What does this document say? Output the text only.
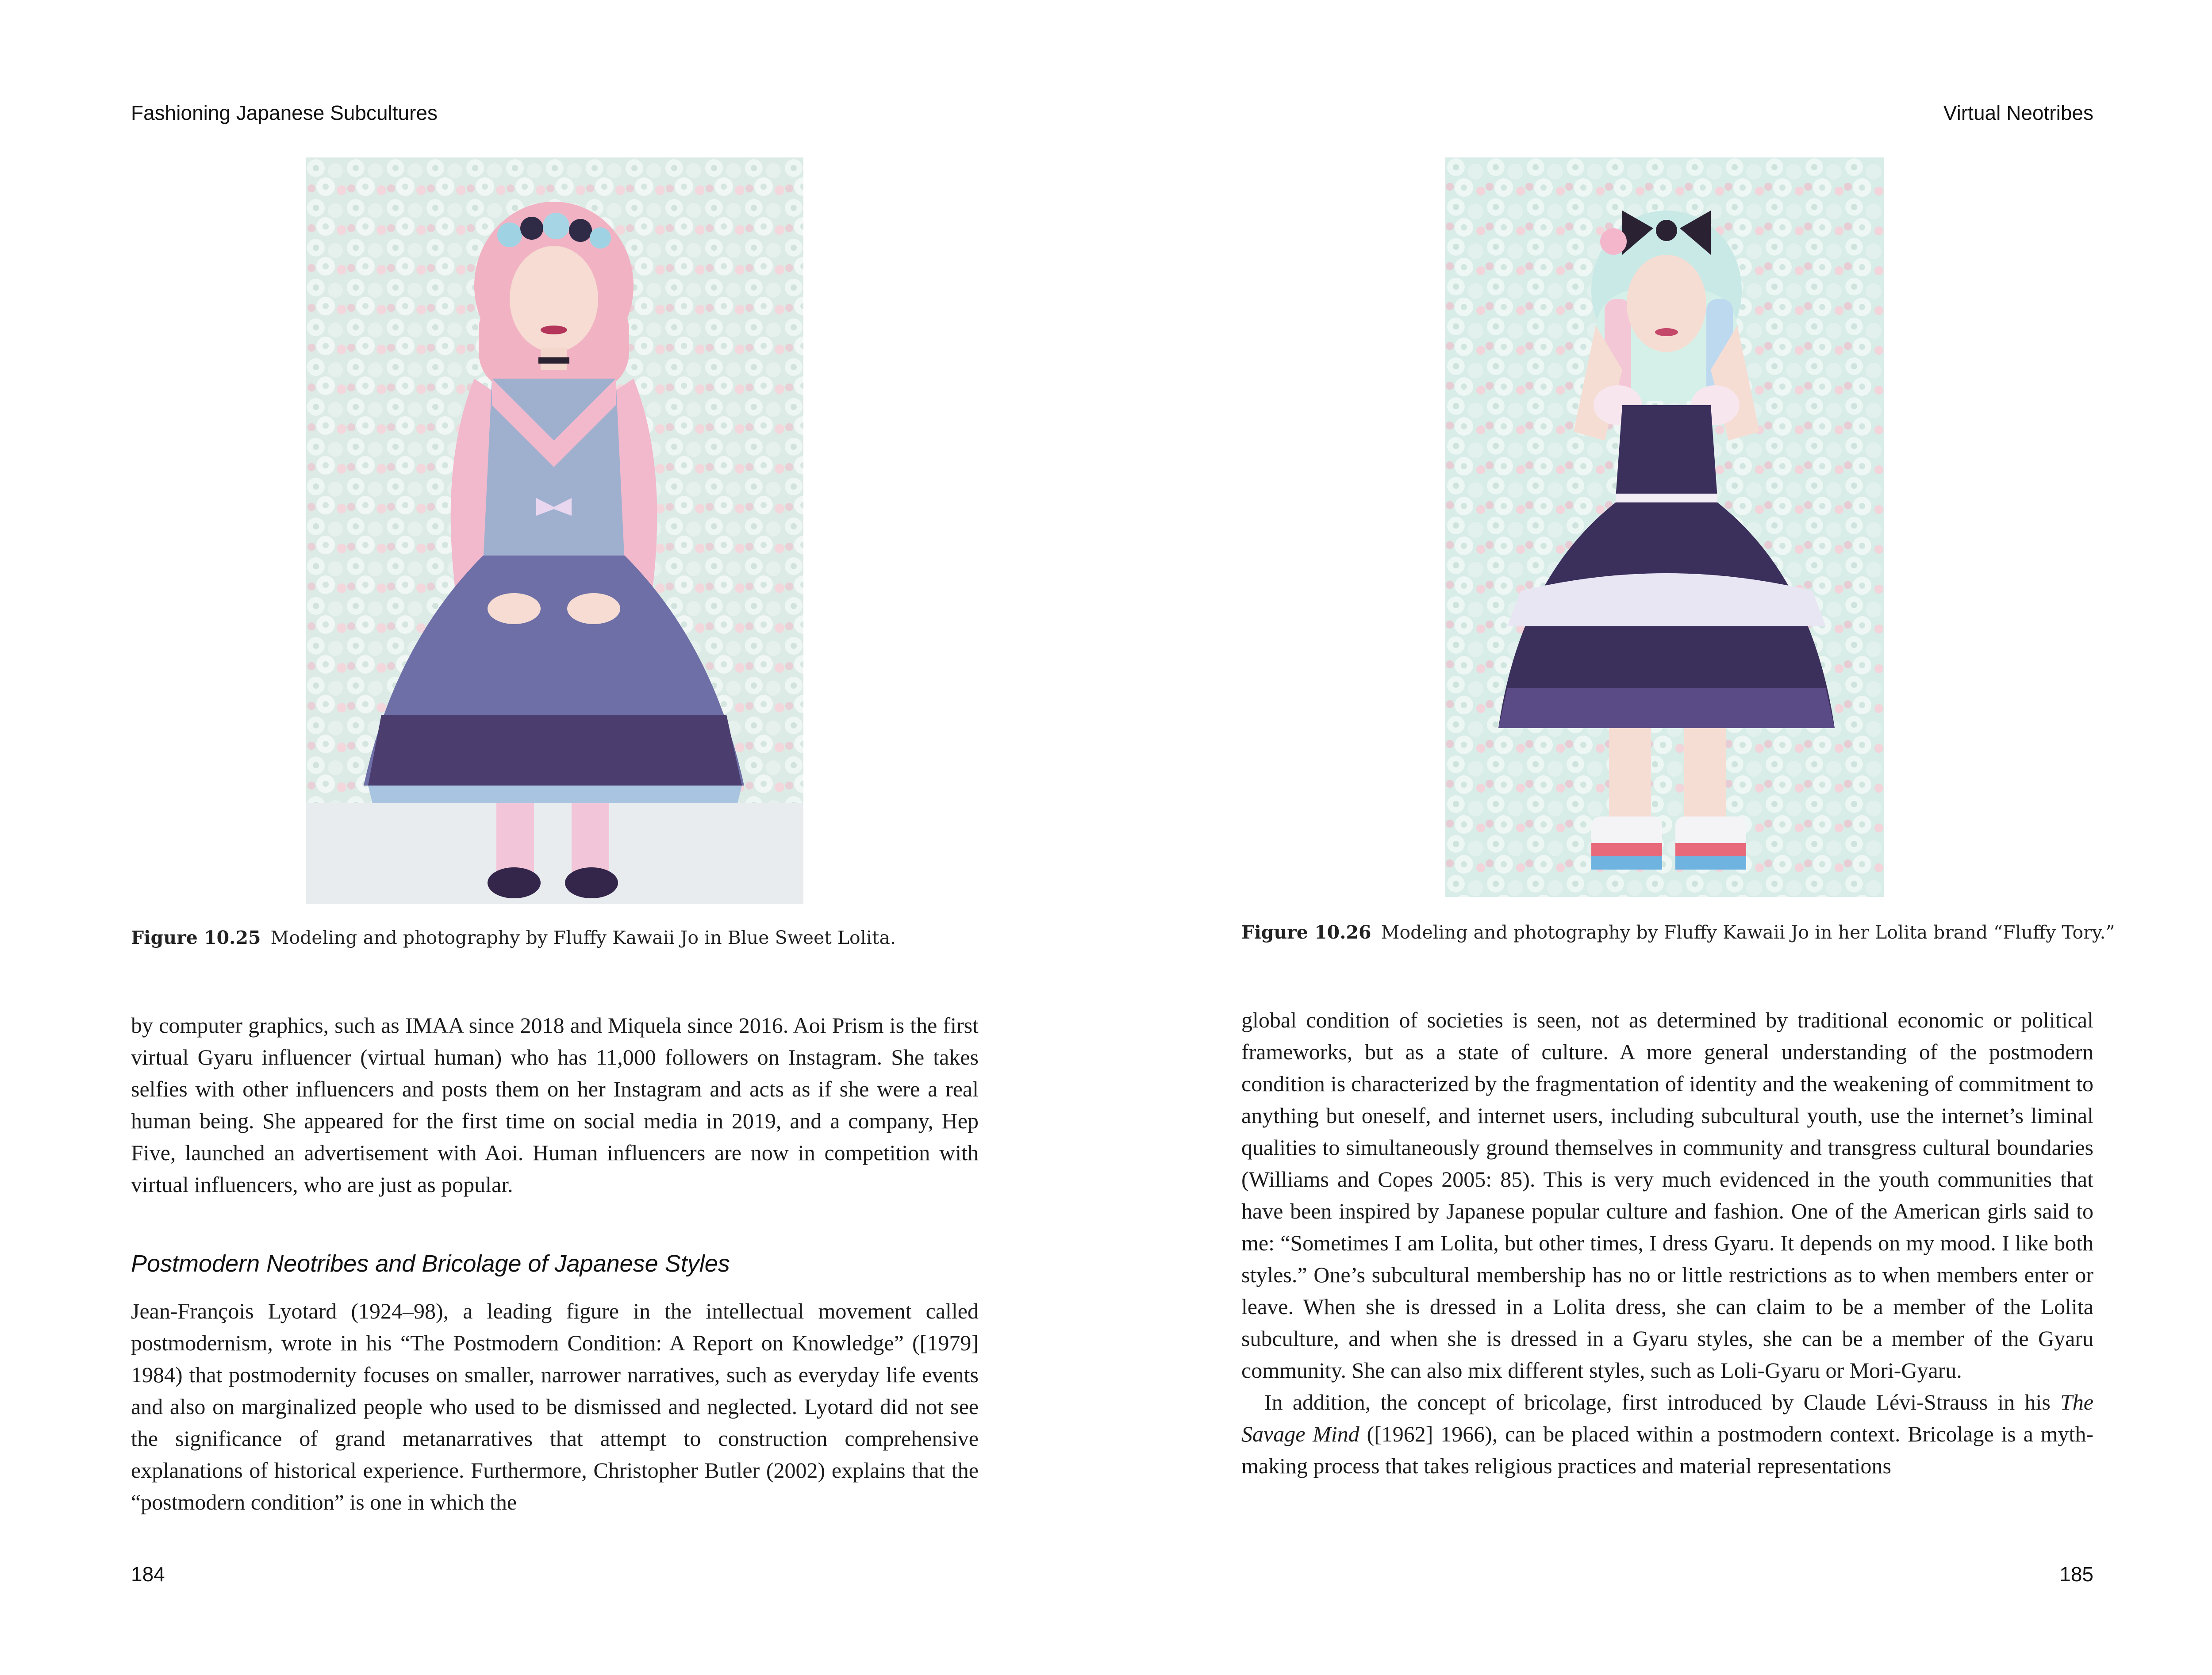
Fashioning Japanese Subcultures
Figure 10.25 Modeling and photography by Fluffy Kawaii Jo in Blue Sweet Lolita.

by computer graphics, such as IMAA since 2018 and Miquela since 2016. Aoi Prism is the first virtual Gyaru influencer (virtual human) who has 11,000 followers on Instagram. She takes selfies with other influencers and posts them on her Instagram and acts as if she were a real human being. She appeared for the first time on social media in 2019, and a company, Hep Five, launched an advertisement with Aoi. Human influencers are now in competition with virtual influencers, who are just as popular.

Postmodern Neotribes and Bricolage of Japanese Styles

Jean-François Lyotard (1924–98), a leading figure in the intellectual movement called postmodernism, wrote in his “The Postmodern Condition: A Report on Knowledge” ([1979] 1984) that postmodernity focuses on smaller, narrower narratives, such as everyday life events and also on marginalized people who used to be dismissed and neglected. Lyotard did not see the significance of grand metanarratives that attempt to construction comprehensive explanations of historical experience. Furthermore, Christopher Butler (2002) explains that the “postmodern condition” is one in which the

184
Virtual Neotribes
Figure 10.26 Modeling and photography by Fluffy Kawaii Jo in her Lolita brand “Fluffy Tory.”

global condition of societies is seen, not as determined by traditional economic or political frameworks, but as a state of culture. A more general understanding of the postmodern condition is characterized by the fragmentation of identity and the weakening of commitment to anything but oneself, and internet users, including subcultural youth, use the internet’s liminal qualities to simultaneously ground themselves in community and transgress cultural boundaries (Williams and Copes 2005: 85). This is very much evidenced in the youth communities that have been inspired by Japanese popular culture and fashion. One of the American girls said to me: “Sometimes I am Lolita, but other times, I dress Gyaru. It depends on my mood. I like both styles.” One’s subcultural membership has no or little restrictions as to when members enter or leave. When she is dressed in a Lolita dress, she can claim to be a member of the Lolita subculture, and when she is dressed in a Gyaru styles, she can be a member of the Gyaru community. She can also mix different styles, such as Loli-Gyaru or Mori-Gyaru.

In addition, the concept of bricolage, first introduced by Claude Lévi-Strauss in his The Savage Mind ([1962] 1966), can be placed within a postmodern context. Bricolage is a myth-making process that takes religious practices and material representations

185
